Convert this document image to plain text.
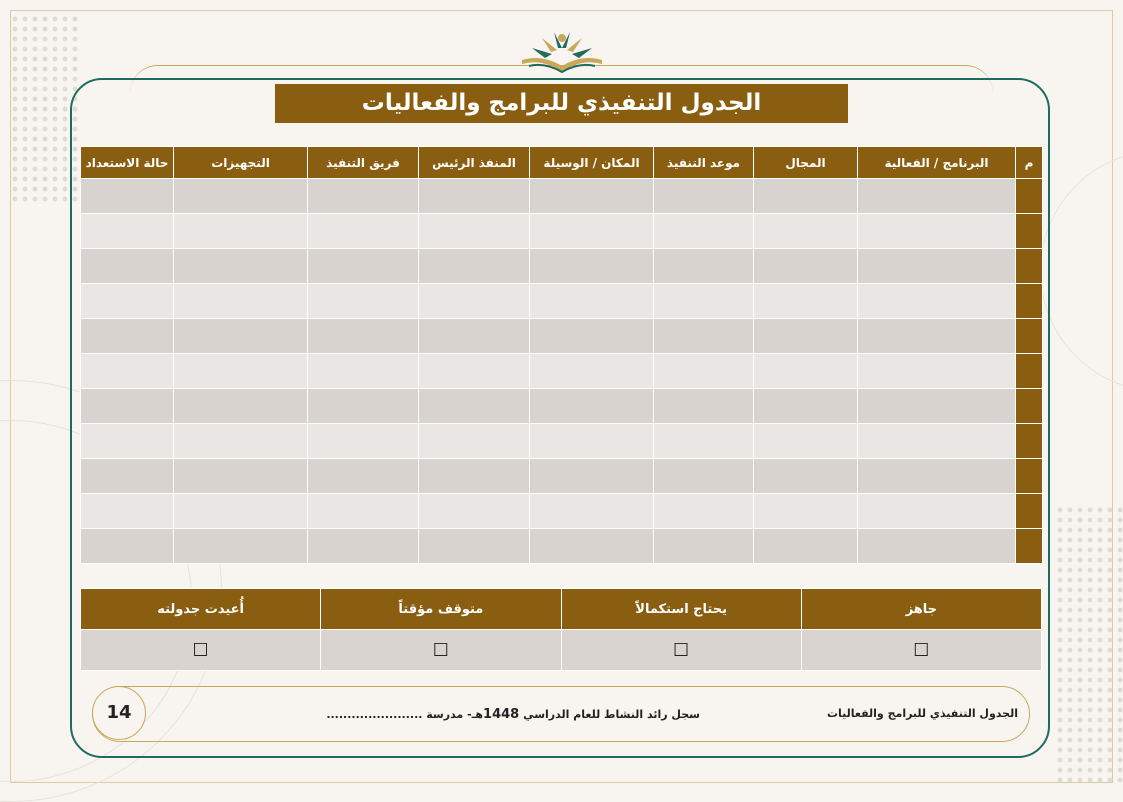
الجدول التنفيذي للبرامج والفعاليات
م	البرنامج / الفعالية	المجال	موعد التنفيذ	المكان / الوسيلة	المنفذ الرئيس	فريق التنفيذ	التجهيزات	حالة الاستعداد

جاهز	يحتاج استكمالاً	متوقف مؤقتاً	أُعيدت جدولته
☐	☐	☐	☐
14	الجدول التنفيذي للبرامج والفعاليات
سجل رائد النشاط للعام الدراسي 1448هـ- مدرسة .......................
